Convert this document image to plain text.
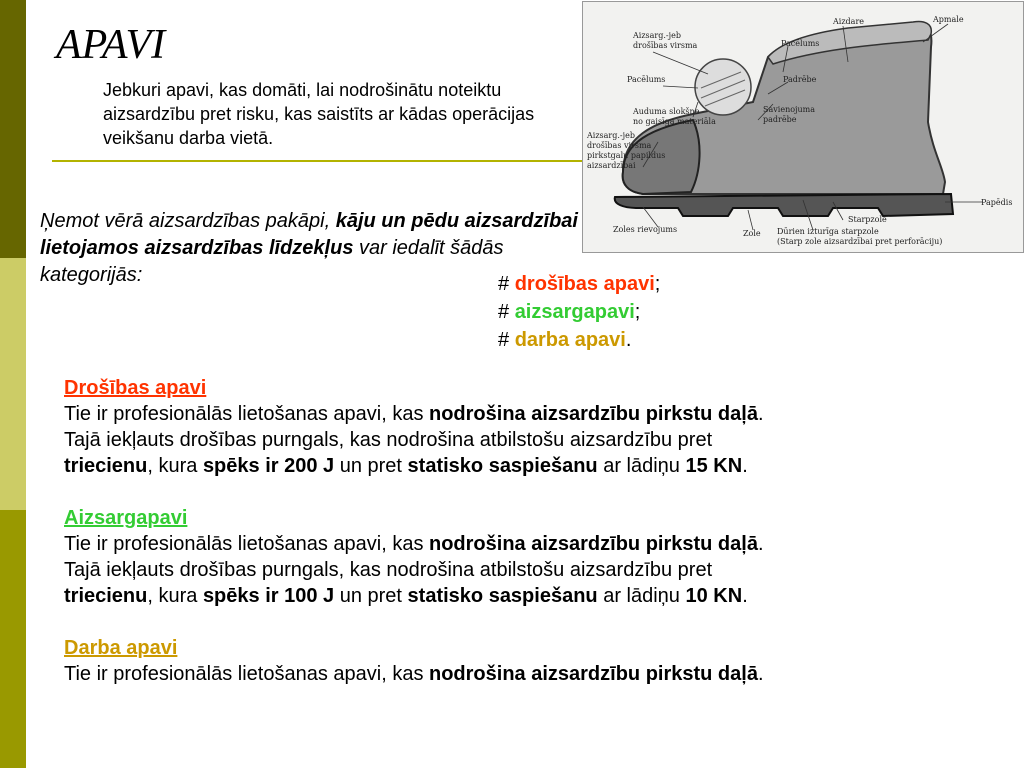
APAVI
Jebkuri apavi, kas domāti, lai nodrošinātu noteiktu aizsardzību pret risku, kas saistīts ar kādas operācijas veikšanu darba vietā.
Aizdare	Apmale
Aizsarg.-jeb
drošības virsma	Pacēlums
Pacēlums	Padrēbe
Auduma slokšne
no gaisīga materiāla
Savienojuma
padrēbe
Aizsarg.-jeb
drošības virsma
pirkstgalu papildus
aizsardzībai
Papēdis
Starpzole
Zoles rievojums	Zole Dūrien izturīga starpzole
(Starp zole aizsardzībai pret perforāciju)
Ņemot vērā aizsardzības pakāpi, kāju un pēdu aizsardzībai lietojamos aizsardzības līdzekļus var iedalīt šādās kategorijās:	# drošības apavi;
# aizsargapavi;
# darba apavi.
Drošības apavi
Tie ir profesionālās lietošanas apavi, kas nodrošina aizsardzību pirkstu daļā.
Tajā iekļauts drošības purngals, kas nodrošina atbilstošu aizsardzību pret
triecienu, kura spēks ir 200 J un pret statisko saspiešanu ar lādiņu 15 KN.
Aizsargapavi
Tie ir profesionālās lietošanas apavi, kas nodrošina aizsardzību pirkstu daļā.
Tajā iekļauts drošības purngals, kas nodrošina atbilstošu aizsardzību pret
triecienu, kura spēks ir 100 J un pret statisko saspiešanu ar lādiņu 10 KN.
Darba apavi
Tie ir profesionālās lietošanas apavi, kas nodrošina aizsardzību pirkstu daļā.
